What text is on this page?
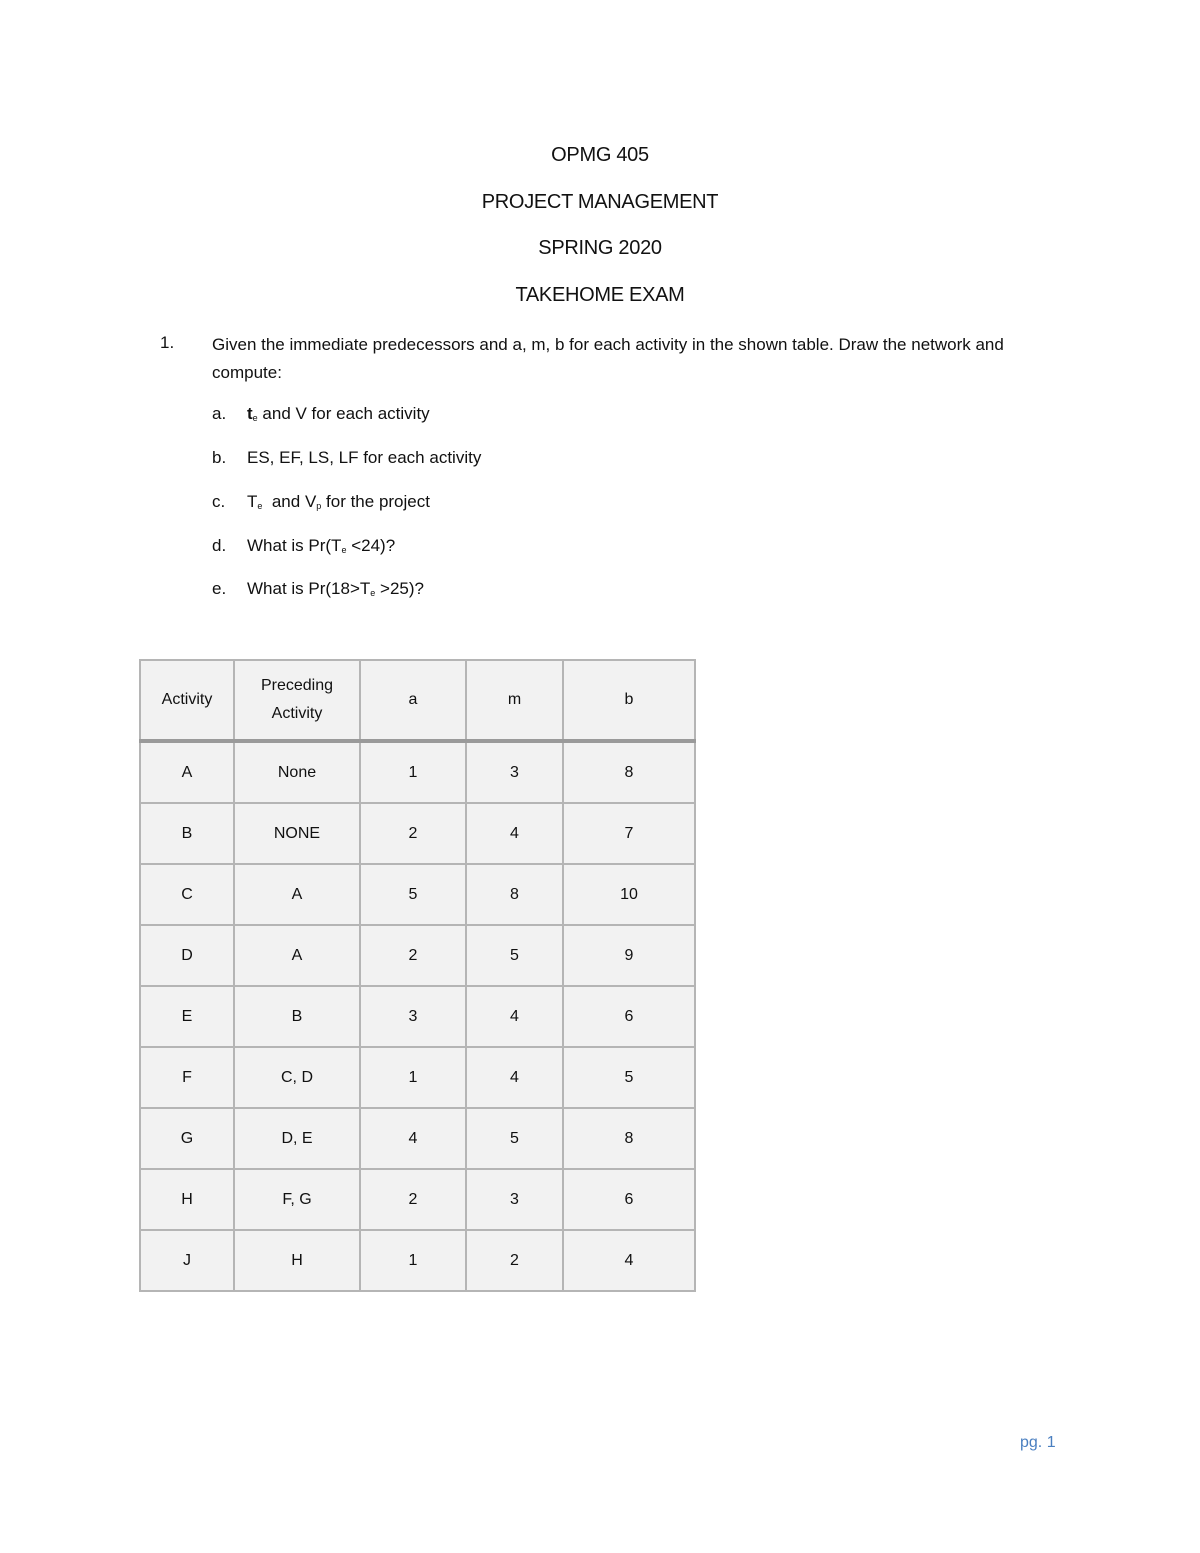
OPMG 405
PROJECT MANAGEMENT
SPRING 2020
TAKEHOME EXAM
1. Given the immediate predecessors and a, m, b for each activity in the shown table. Draw the network and compute:
a. $t_e$ and V for each activity
b. ES, EF, LS, LF for each activity
c. $T_e$  and $V_p$ for the project
d. What is $Pr(T_e <24)$?
e. What is $Pr(18>T_e >25)$?
Activity	Preceding Activity	a	m	b
A	None	1	3	8
B	NONE	2	4	7
C	A	5	8	10
D	A	2	5	9
E	B	3	4	6
F	C, D	1	4	5
G	D, E	4	5	8
H	F, G	2	3	6
J	H	1	2	4
pg. 1
